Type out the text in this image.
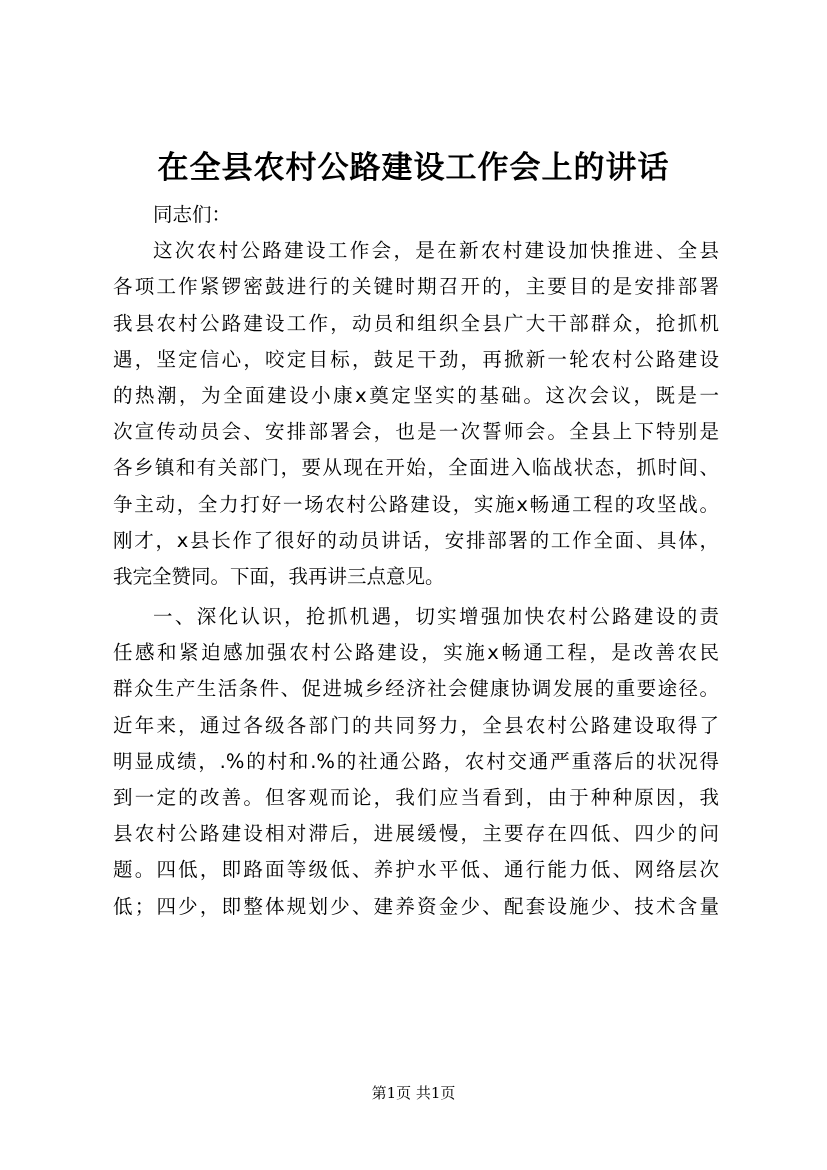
在全县农村公路建设工作会上的讲话
同志们：
这次农村公路建设工作会，是在新农村建设加快推进、全县
各项工作紧锣密鼓进行的关键时期召开的，主要目的是安排部署
我县农村公路建设工作，动员和组织全县广大干部群众，抢抓机
遇，坚定信心，咬定目标，鼓足干劲，再掀新一轮农村公路建设
的热潮，为全面建设小康x奠定坚实的基础。这次会议，既是一
次宣传动员会、安排部署会，也是一次誓师会。全县上下特别是
各乡镇和有关部门，要从现在开始，全面进入临战状态，抓时间、
争主动，全力打好一场农村公路建设，实施x畅通工程的攻坚战。
刚才，x县长作了很好的动员讲话，安排部署的工作全面、具体，
我完全赞同。下面，我再讲三点意见。
一、深化认识，抢抓机遇，切实增强加快农村公路建设的责
任感和紧迫感加强农村公路建设，实施x畅通工程，是改善农民
群众生产生活条件、促进城乡经济社会健康协调发展的重要途径。
近年来，通过各级各部门的共同努力，全县农村公路建设取得了
明显成绩，.%的村和.%的社通公路，农村交通严重落后的状况得
到一定的改善。但客观而论，我们应当看到，由于种种原因，我
县农村公路建设相对滞后，进展缓慢，主要存在四低、四少的问
题。四低，即路面等级低、养护水平低、通行能力低、网络层次
低；四少，即整体规划少、建养资金少、配套设施少、技术含量
第1页 共1页
